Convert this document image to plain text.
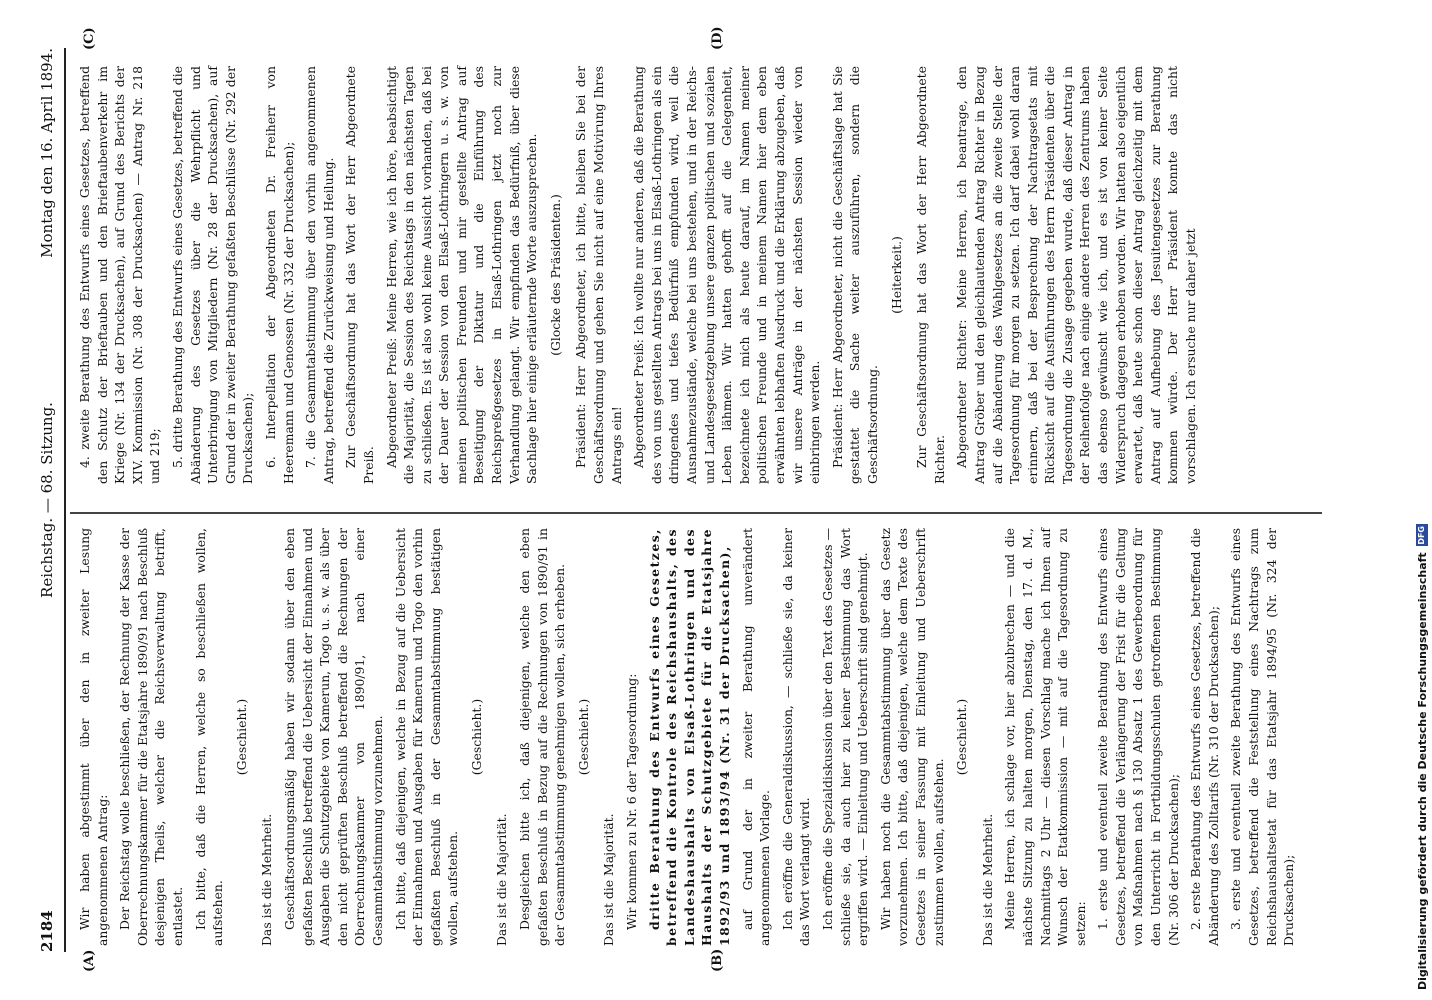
2184
Reichstag. — 68. Sitzung.
Montag den 16. April 1894.
(A)	(B)
(C)	(D)

Wir haben abgestimmt über den in zweiter Lesung angenommenen Antrag: Der Reichstag wolle beschließen, der Rechnung der Kasse der Oberrechnungskammer für die Etatsjahre 1890/91 nach Beschluß desjenigen Theils, welcher die Reichsverwaltung betrifft, entlastet. Ich bitte, daß die Herren, welche so beschließen wollen, aufstehen.

(Geschieht.)

Das ist die Mehrheit. Geschäftsordnungsmäßig haben wir sodann über den eben gefaßten Beschluß betreffend die Uebersicht der Einnahmen und Ausgaben die Schutzgebiete von Kamerun, Togo u. s. w. als über den nicht geprüften Beschluß betreffend die Rechnungen der Oberrechnungskammer von 1890/91, nach einer Gesammtabstimmung vorzunehmen. Ich bitte, daß diejenigen, welche in Bezug auf die Uebersicht der Einnahmen und Ausgaben für Kamerun und Togo den vorhin gefaßten Beschluß in der Gesammtabstimmung bestätigen wollen, aufstehen.

(Geschieht.)

Das ist die Majorität. Desgleichen bitte ich, daß diejenigen, welche den eben gefaßten Beschluß in Bezug auf die Rechnungen von 1890/91 in der Gesammtabstimmung genehmigen wollen, sich erheben. (Geschieht.)

Das ist die Majorität. Wir kommen zu Nr. 6 der Tagesordnung: dritte Berathung des Entwurfs eines Gesetzes, betreffend die Kontrole des Reichshaushalts, des Landeshaushalts von Elsaß-Lothringen und des Haushalts der Schutzgebiete für die Etatsjahre 1892/93 und 1893/94 (Nr. 31 der Drucksachen), auf Grund der in zweiter Berathung unverändert angenommenen Vorlage. Ich eröffne die Generaldiskussion, — schließe sie, da keiner das Wort verlangt wird. Ich eröffne die Spezialdiskussion über den Text des Gesetzes — schließe sie, da auch hier zu keiner Bestimmung das Wort ergriffen wird. — Einleitung und Ueberschrift sind genehmigt. Wir haben noch die Gesammtabstimmung über das Gesetz vorzunehmen. Ich bitte, daß diejenigen, welche dem Texte des Gesetzes in seiner Fassung mit Einleitung und Ueberschrift zustimmen wollen, aufstehen.

(Geschieht.)

Das ist die Mehrheit. Meine Herren, ich schlage vor, hier abzubrechen — und die nächste Sitzung zu halten morgen, Dienstag, den 17. d. M., Nachmittags 2 Uhr — diesen Vorschlag mache ich Ihnen auf Wunsch der Etatkommission — mit auf die Tagesordnung zu setzen: 1. erste und eventuell zweite Berathung des Entwurfs eines Gesetzes, betreffend die Verlängerung der Frist für die Geltung von Maßnahmen nach § 130 Absatz 1 des Gewerbeordnung für den Unterricht in Fortbildungsschulen getroffenen Bestimmung (Nr. 306 der Drucksachen); 2. erste Berathung des Entwurfs eines Gesetzes, betreffend die Abänderung des Zolltarifs (Nr. 310 der Drucksachen); 3. erste und eventuell zweite Berathung des Entwurfs eines Gesetzes, betreffend die Feststellung eines Nachtrags zum Reichshaushaltsetat für das Etatsjahr 1894/95 (Nr. 324 der Drucksachen);

4. zweite Berathung des Entwurfs eines Gesetzes, betreffend den Schutz der Brieftauben und den Brieftaubenverkehr im Kriege (Nr. 134 der Drucksachen), auf Grund des Berichts der XIV. Kommission (Nr. 308 der Drucksachen) — Antrag Nr. 218 und 219; 5. dritte Berathung des Entwurfs eines Gesetzes, betreffend die Abänderung des Gesetzes über die Wehrpflicht und Unterbringung von Mitgliedern (Nr. 28 der Drucksachen), auf Grund der in zweiter Berathung gefaßten Beschlüsse (Nr. 292 der Drucksachen); 6. Interpellation der Abgeordneten Dr. Freiherr von Heeremann und Genossen (Nr. 332 der Drucksachen); 7. die Gesammtabstimmung über den vorhin angenommenen Antrag, betreffend die Zurückweisung und Heilung. Zur Geschäftsordnung hat das Wort der Herr Abgeordnete Preiß. Abgeordneter Preiß: Meine Herren, wie ich höre, beabsichtigt die Majorität, die Session des Reichstags in den nächsten Tagen zu schließen. Es ist also wohl keine Aussicht vorhanden, daß bei der Dauer der Session von den Elsaß-Lothringern u. s. w. von meinen politischen Freunden und mir gestellte Antrag auf Beseitigung der Diktatur und die Einführung des Reichspreßgesetzes in Elsaß-Lothringen jetzt noch zur Verhandlung gelangt. Wir empfinden das Bedürfniß, über diese Sachlage hier einige erläuternde Worte auszusprechen. (Glocke des Präsidenten.) Präsident: Herr Abgeordneter, ich bitte, bleiben Sie bei der Geschäftsordnung und gehen Sie nicht auf eine Motivirung Ihres Antrags ein! Abgeordneter Preiß: Ich wollte nur anderen, daß die Berathung des von uns gestellten Antrags bei uns in Elsaß-Lothringen als ein dringendes und tiefes Bedürfniß empfunden wird, weil die Ausnahmezustände, welche bei uns bestehen, und in der Reichs- und Landesgesetzgebung unsere ganzen politischen und sozialen Leben lähmen. Wir hatten gehofft auf die Gelegenheit, bezeichnete ich mich als heute darauf, im Namen meiner politischen Freunde und in meinem Namen hier dem eben erwähnten lebhaften Ausdruck und die Erklärung abzugeben, daß wir unsere Anträge in der nächsten Session wieder von einbringen werden. Präsident: Herr Abgeordneter, nicht die Geschäftslage hat Sie gestattet die Sache weiter auszuführen, sondern die Geschäftsordnung.

(Heiterkeit.) Zur Geschäftsordnung hat das Wort der Herr Abgeordnete Richter. Abgeordneter Richter: Meine Herren, ich beantrage, den Antrag Gröber und den gleichlautenden Antrag Richter in Bezug auf die Abänderung des Wahlgesetzes an die zweite Stelle der Tagesordnung für morgen zu setzen. Ich darf dabei wohl daran erinnern, daß bei der Besprechung der Nachtragsetats mit Rücksicht auf die Ausführungen des Herrn Präsidenten über die Tagesordnung die Zusage gegeben wurde, daß dieser Antrag in der Reihenfolge nach einige andere Herren des Zentrums haben das ebenso gewünscht wie ich, und es ist von keiner Seite Widerspruch dagegen erhoben worden. Wir hatten also eigentlich erwartet, daß heute schon dieser Antrag gleichzeitig mit dem Antrag auf Aufhebung des Jesuitengesetzes zur Berathung kommen würde. Der Herr Präsident konnte das nicht vorschlagen. Ich ersuche nur daher jetzt

Digitalisierung gefördert durch die Deutsche Forschungsgemeinschaft
DFG
